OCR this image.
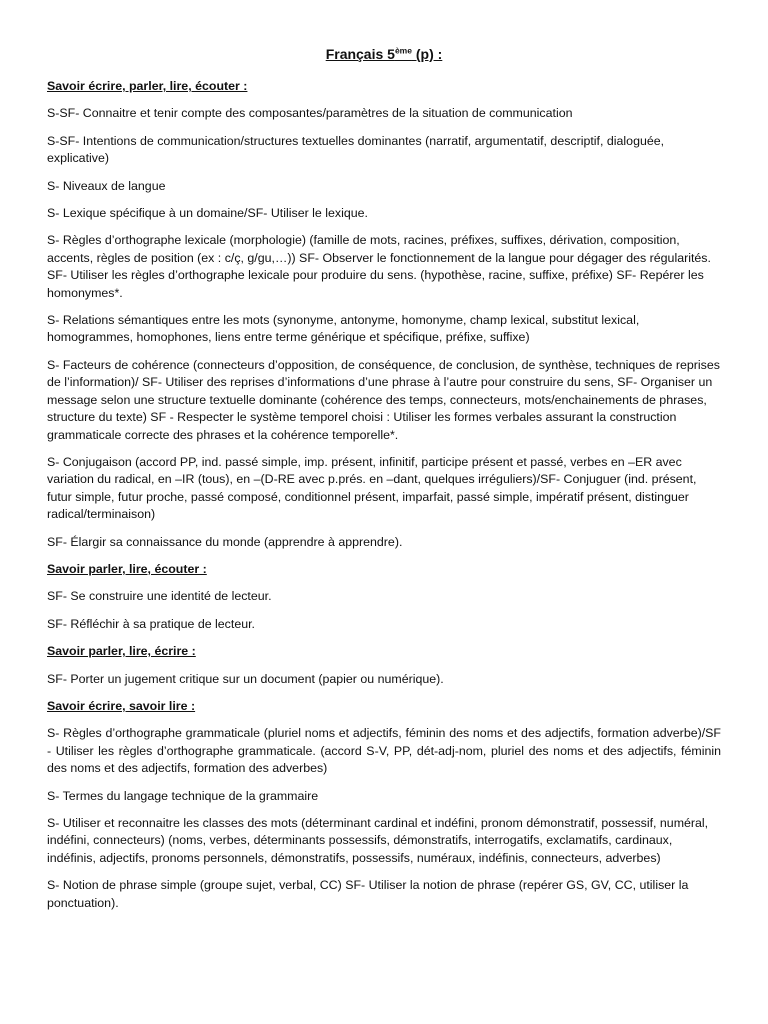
Français 5ème (p) :

Savoir écrire, parler, lire, écouter :

S-SF- Connaitre et tenir compte des composantes/paramètres de la situation de communication

S-SF- Intentions de communication/structures textuelles dominantes (narratif, argumentatif, descriptif, dialoguée, explicative)

S- Niveaux de langue

S- Lexique spécifique à un domaine/SF- Utiliser le lexique.

S- Règles d’orthographe lexicale (morphologie) (famille de mots, racines, préfixes, suffixes, dérivation, composition, accents, règles de position (ex : c/ç, g/gu,…)) SF- Observer le fonctionnement de la langue pour dégager des régularités. SF- Utiliser les règles d’orthographe lexicale pour produire du sens. (hypothèse, racine, suffixe, préfixe) SF- Repérer les homonymes*.

S- Relations sémantiques entre les mots (synonyme, antonyme, homonyme, champ lexical, substitut lexical, homogrammes, homophones, liens entre terme générique et spécifique, préfixe, suffixe)

S- Facteurs de cohérence (connecteurs d’opposition, de conséquence, de conclusion, de synthèse, techniques de reprises de l’information)/ SF- Utiliser des reprises d’informations d’une phrase à l’autre pour construire du sens, SF- Organiser un message selon une structure textuelle dominante (cohérence des temps, connecteurs, mots/enchainements de phrases, structure du texte) SF - Respecter le système temporel choisi : Utiliser les formes verbales assurant la construction grammaticale correcte des phrases et la cohérence temporelle*.

S- Conjugaison (accord PP, ind. passé simple, imp. présent, infinitif, participe présent et passé, verbes en –ER avec variation du radical, en –IR (tous), en –(D-RE avec p.prés. en –dant, quelques irréguliers)/SF- Conjuguer (ind. présent, futur simple, futur proche, passé composé, conditionnel présent, imparfait, passé simple, impératif présent, distinguer radical/terminaison)

SF- Élargir sa connaissance du monde (apprendre à apprendre).

Savoir parler, lire, écouter :

SF- Se construire une identité de lecteur.

SF- Réfléchir à sa pratique de lecteur.

Savoir parler, lire, écrire :

SF- Porter un jugement critique sur un document (papier ou numérique).

Savoir écrire, savoir lire :

S- Règles d’orthographe grammaticale (pluriel noms et adjectifs, féminin des noms et des adjectifs, formation adverbe)/SF - Utiliser les règles d’orthographe grammaticale. (accord S-V, PP, dét-adj-nom, pluriel des noms et des adjectifs, féminin des noms et des adjectifs, formation des adverbes)

S- Termes du langage technique de la grammaire

S- Utiliser et reconnaitre les classes des mots (déterminant cardinal et indéfini, pronom démonstratif, possessif, numéral, indéfini, connecteurs) (noms, verbes, déterminants possessifs, démonstratifs, interrogatifs, exclamatifs, cardinaux, indéfinis, adjectifs, pronoms personnels, démonstratifs, possessifs, numéraux, indéfinis, connecteurs, adverbes)

S- Notion de phrase simple (groupe sujet, verbal, CC) SF- Utiliser la notion de phrase (repérer GS, GV, CC, utiliser la ponctuation).
